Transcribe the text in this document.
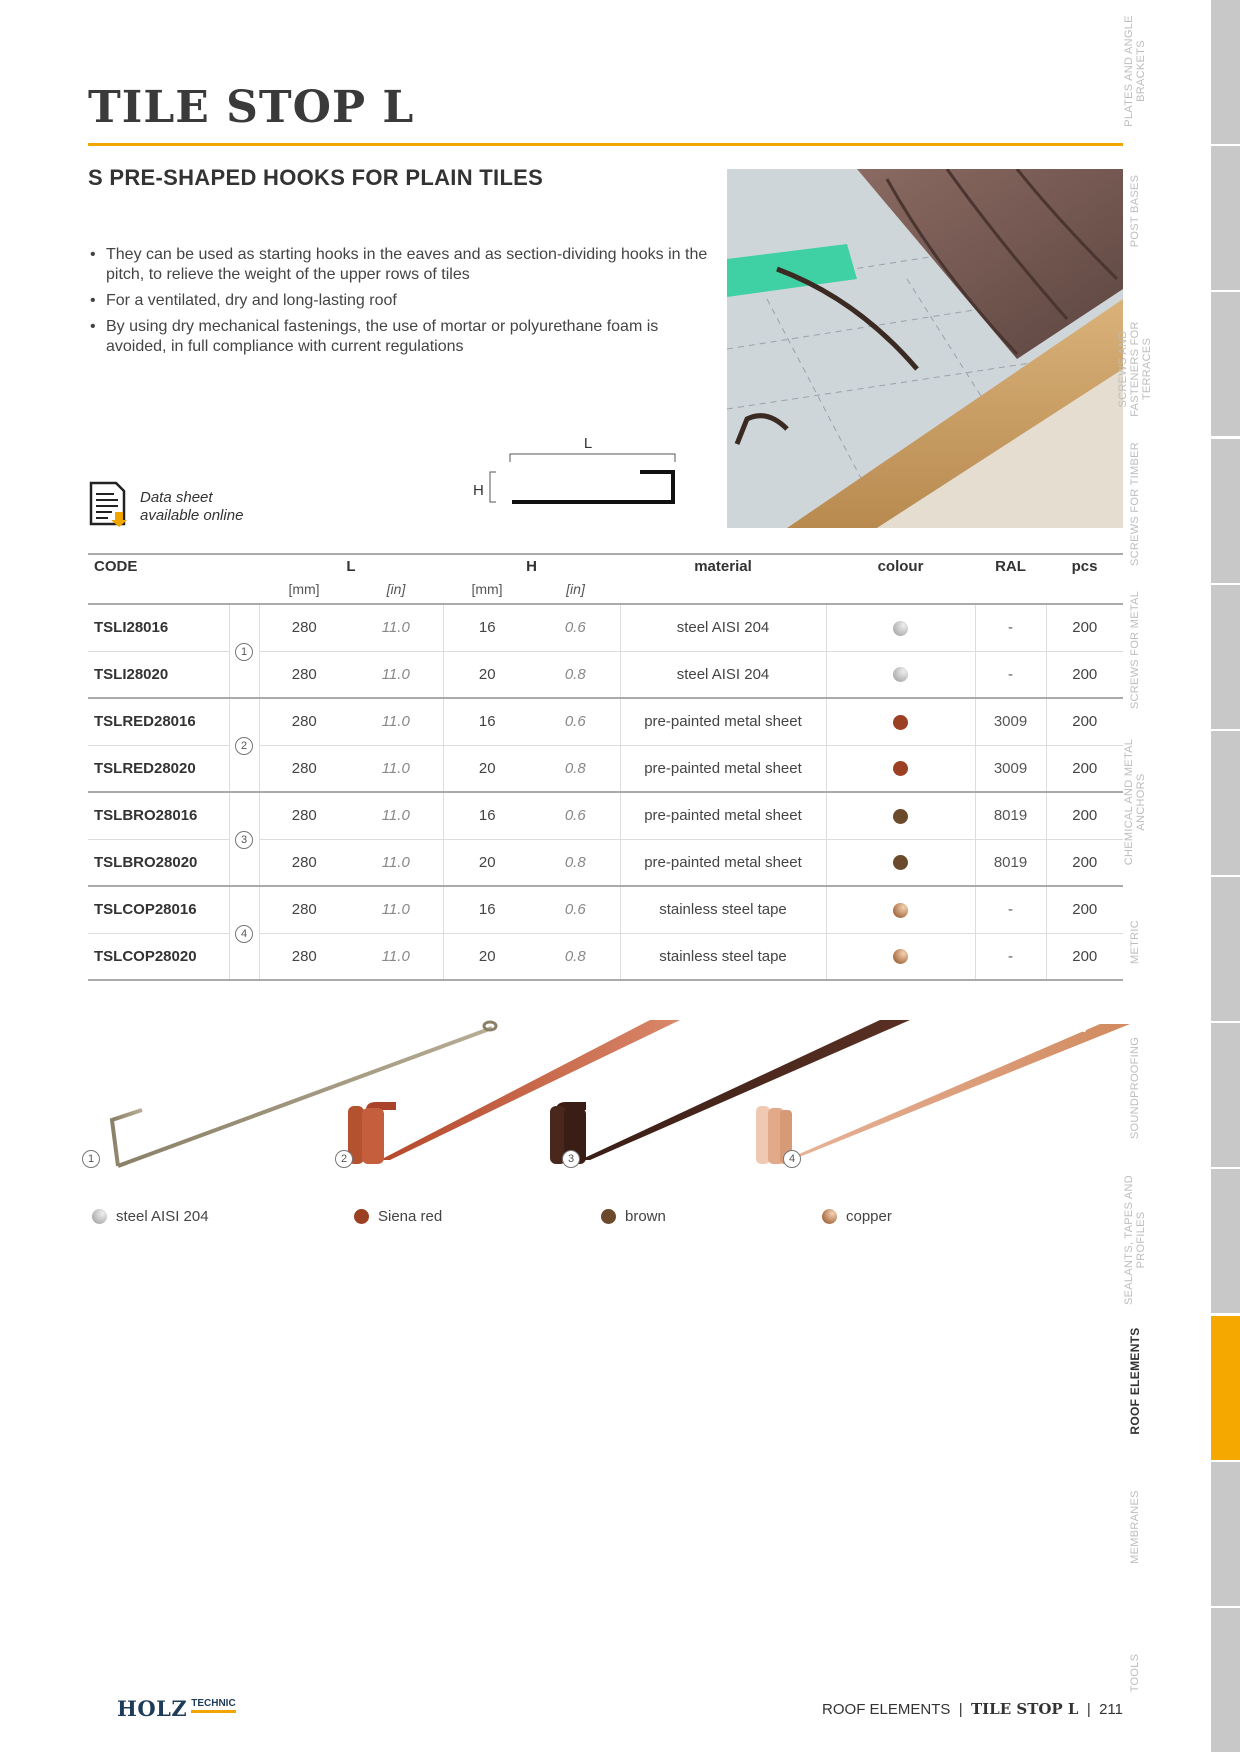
TILE STOP L
S PRE-SHAPED HOOKS FOR PLAIN TILES
• They can be used as starting hooks in the eaves and as section-dividing hooks in the pitch, to relieve the weight of the upper rows of tiles
• For a ventilated, dry and long-lasting roof
• By using dry mechanical fastenings, the use of mortar or polyurethane foam is avoided, in full compliance with current regulations
Data sheet
available online
L
H
CODE		L		H		material	colour	RAL	pcs
		[mm]	[in]	[mm]	[in]				
TSLI28016	1	280	11.0	16	0.6	steel AISI 204		-	200
TSLI28020		280	11.0	20	0.8	steel AISI 204		-	200
TSLRED28016	2	280	11.0	16	0.6	pre-painted metal sheet		3009	200
TSLRED28020		280	11.0	20	0.8	pre-painted metal sheet		3009	200
TSLBRO28016	3	280	11.0	16	0.6	pre-painted metal sheet		8019	200
TSLBRO28020		280	11.0	20	0.8	pre-painted metal sheet		8019	200
TSLCOP28016	4	280	11.0	16	0.6	stainless steel tape		-	200
TSLCOP28020		280	11.0	20	0.8	stainless steel tape		-	200
1	2	3	4
steel AISI 204	Siena red	brown	copper
PLATES AND ANGLE BRACKETS
POST BASES
SCREWS AND FASTENERS FOR TERRACES
SCREWS FOR TIMBER
SCREWS FOR METAL
CHEMICAL AND METAL ANCHORS
METRIC
SOUNDPROOFING
SEALANTS, TAPES AND PROFILES
ROOF ELEMENTS
MEMBRANES
TOOLS
HOLZ TECHNIC	ROOF ELEMENTS | TILE STOP L | 211
